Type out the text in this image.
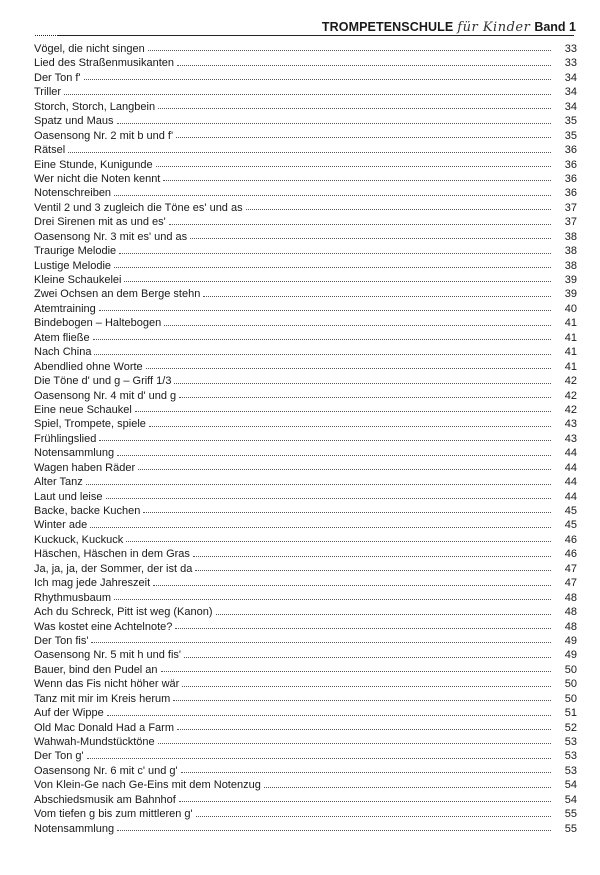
TROMPETENSCHULE für Kinder Band 1
Vögel, die nicht singen	33
Lied des Straßenmusikanten	33
Der Ton f'	34
Triller	34
Storch, Storch, Langbein	34
Spatz und Maus	35
Oasensong Nr. 2 mit b und f'	35
Rätsel	36
Eine Stunde, Kunigunde	36
Wer nicht die Noten kennt	36
Notenschreiben	36
Ventil 2 und 3 zugleich die Töne es' und as	37
Drei Sirenen mit as und es'	37
Oasensong Nr. 3 mit es' und as	38
Traurige Melodie	38
Lustige Melodie	38
Kleine Schaukelei	39
Zwei Ochsen an dem Berge stehn	39
Atemtraining	40
Bindebogen – Haltebogen	41
Atem fließe	41
Nach China	41
Abendlied ohne Worte	41
Die Töne d' und g – Griff 1/3	42
Oasensong Nr. 4 mit d' und g	42
Eine neue Schaukel	42
Spiel, Trompete, spiele	43
Frühlingslied	43
Notensammlung	44
Wagen haben Räder	44
Alter Tanz	44
Laut und leise	44
Backe, backe Kuchen	45
Winter ade	45
Kuckuck, Kuckuck	46
Häschen, Häschen in dem Gras	46
Ja, ja, ja, der Sommer, der ist da	47
Ich mag jede Jahreszeit	47
Rhythmusbaum	48
Ach du Schreck, Pitt ist weg (Kanon)	48
Was kostet eine Achtelnote?	48
Der Ton fis'	49
Oasensong Nr. 5 mit h und fis'	49
Bauer, bind den Pudel an	50
Wenn das Fis nicht höher wär	50
Tanz mit mir im Kreis herum	50
Auf der Wippe	51
Old Mac Donald Had a Farm	52
Wahwah-Mundstücktöne	53
Der Ton g'	53
Oasensong Nr. 6 mit c' und g'	53
Von Klein-Ge nach Ge-Eins mit dem Notenzug	54
Abschiedsmusik am Bahnhof	54
Vom tiefen g bis zum mittleren g'	55
Notensammlung	55
